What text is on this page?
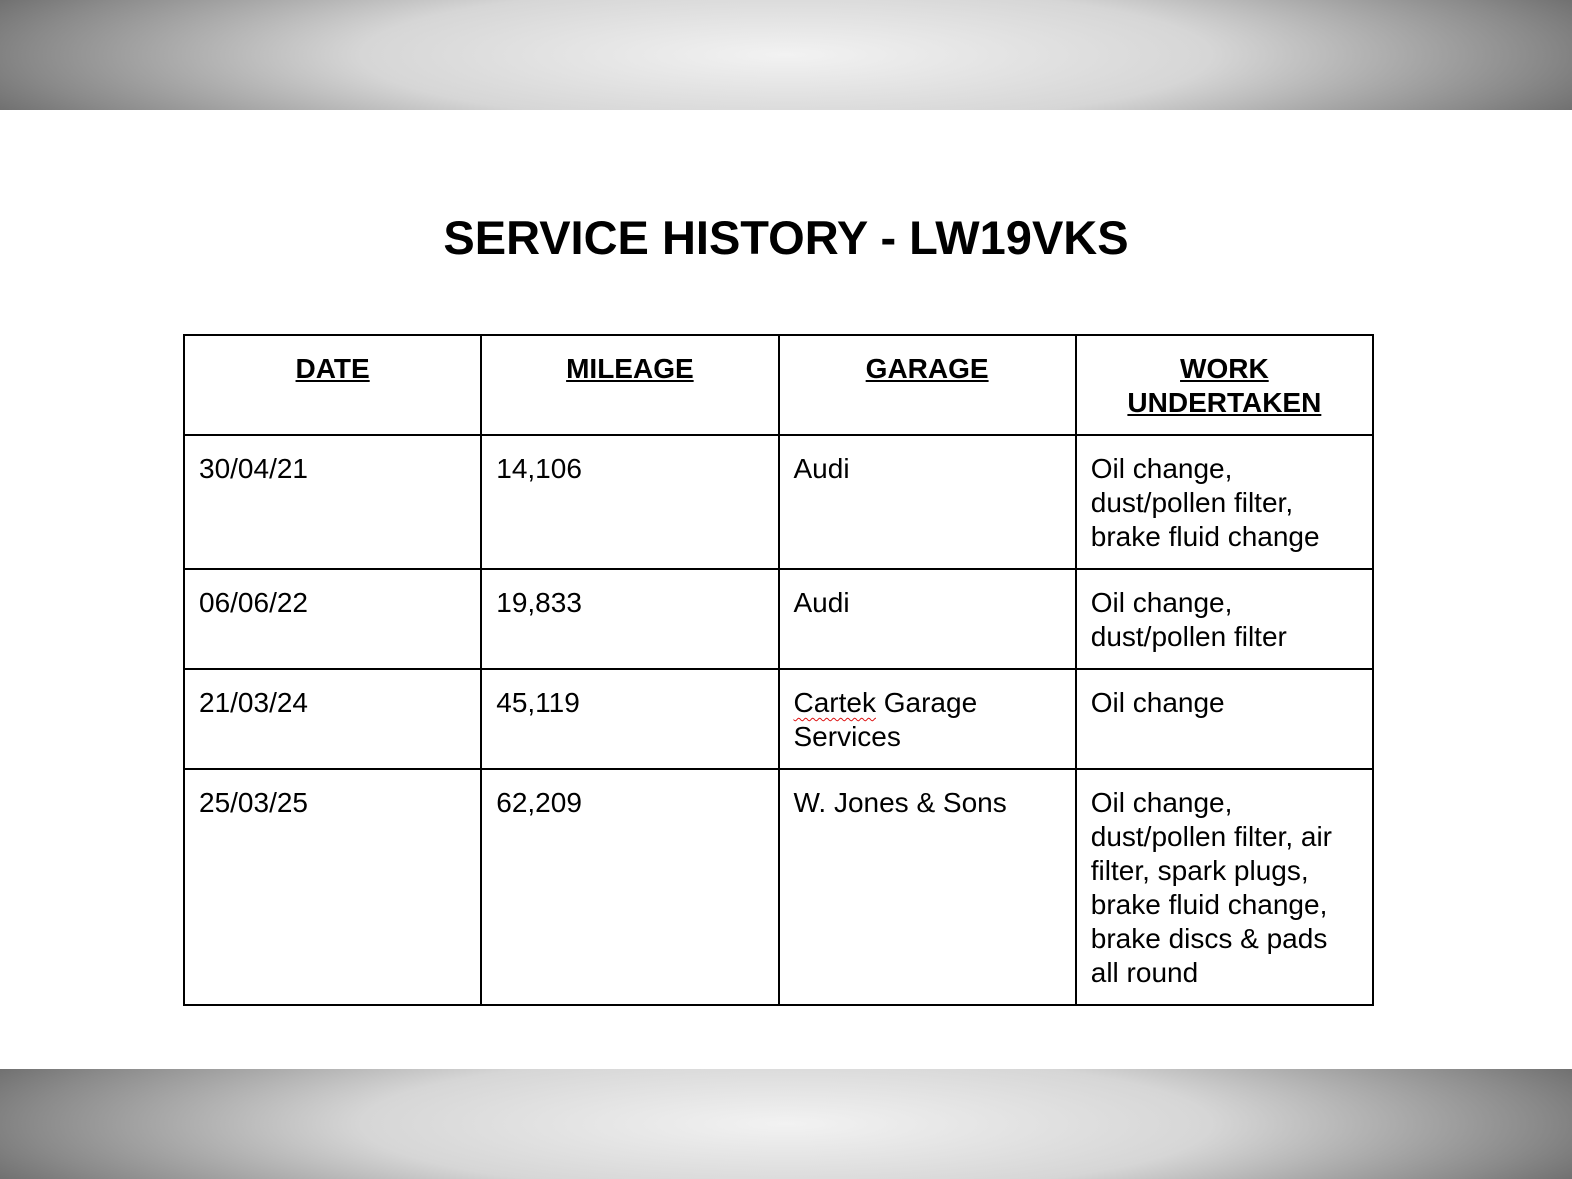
SERVICE HISTORY - LW19VKS
DATE	MILEAGE	GARAGE	WORK UNDERTAKEN
30/04/21	14,106	Audi	Oil change, dust/pollen filter, brake fluid change
06/06/22	19,833	Audi	Oil change, dust/pollen filter
21/03/24	45,119	Cartek Garage Services	Oil change
25/03/25	62,209	W. Jones & Sons	Oil change, dust/pollen filter, air filter, spark plugs, brake fluid change, brake discs & pads all round
